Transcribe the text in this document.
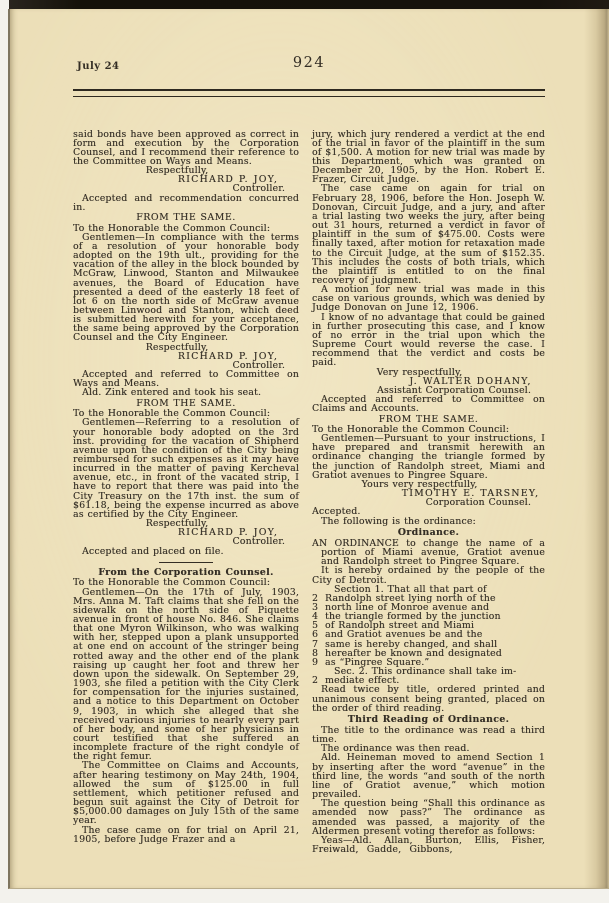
July 24	924

said bonds have been approved as correct in form and execution by the Corporation Counsel, and I recommend their reference to the Committee on Ways and Means.

Respectfully,
RICHARD P. JOY,
Controller.

Accepted and recommendation concurred in.

FROM THE SAME.

To the Honorable the Common Council:

Gentlemen—In compliance with the terms of a resolution of your honorable body adopted on the 19th ult., providing for the vacation of the alley in the block bounded by McGraw, Linwood, Stanton and Milwaukee avenues, the Board of Education have presented a deed of the easterly 18 feet of lot 6 on the north side of McGraw avenue between Linwood and Stanton, which deed is submitted herewith for your acceptance, the same being approved by the Corporation Counsel and the City Engineer.

Respectfully,
RICHARD P. JOY,
Controller.

Accepted and referred to Committee on Ways and Means.

Ald. Zink entered and took his seat.

FROM THE SAME.

To the Honorable the Common Council:

Gentlemen—Referring to a resolution of your honorable body adopted on the 3rd inst. providing for the vacation of Shipherd avenue upon the condition of the City being reimbursed for such expenses as it may have incurred in the matter of paving Kercheval avenue, etc., in front of the vacated strip, I have to report that there was paid into the City Treasury on the 17th inst. the sum of $61.18, being the expense incurred as above as certified by the City Engineer.

Respectfully,
RICHARD P. JOY,
Controller.

Accepted and placed on file.

From the Corporation Counsel.

To the Honorable the Common Council:

Gentlemen—On the 17th of July, 1903, Mrs. Anna M. Taft claims that she fell on the sidewalk on the north side of Piquette avenue in front of house No. 846. She claims that one Myron Wilkinson, who was walking with her, stepped upon a plank unsupported at one end on account of the stringer being rotted away and the other end of the plank raising up caught her foot and threw her down upon the sidewalk. On September 29, 1903, she filed a petition with the City Clerk for compensation for the injuries sustained, and a notice to this Department on October 9, 1903, in which she alleged that she received various injuries to nearly every part of her body, and some of her physicians in court testified that she suffered an incomplete fracture of the right condyle of the right femur.

The Committee on Claims and Accounts, after hearing testimony on May 24th, 1904, allowed the sum of $125.00 in full settlement, which petitioner refused and begun suit against the City of Detroit for $5,000.00 damages on July 15th of the same year.

The case came on for trial on April 21, 1905, before Judge Frazer and a

jury, which jury rendered a verdict at the end of the trial in favor of the plaintiff in the sum of $1,500. A motion for new trial was made by this Department, which was granted on December 20, 1905, by the Hon. Robert E. Frazer, Circuit Judge.

The case came on again for trial on February 28, 1906, before the Hon. Joseph W. Donovan, Circuit Judge, and a jury, and after a trial lasting two weeks the jury, after being out 31 hours, returned a verdict in favor of plaintiff in the sum of $475.00. Costs were finally taxed, after motion for retaxation made to the Circuit Judge, at the sum of $152.35. This includes the costs of both trials, which the plaintiff is entitled to on the final recovery of judgment.

A motion for new trial was made in this case on various grounds, which was denied by Judge Donovan on June 12, 1906.

I know of no advantage that could be gained in further prosecuting this case, and I know of no error in the trial upon which the Supreme Court would reverse the case. I recommend that the verdict and costs be paid.

Very respectfully,
J. WALTER DOHANY,
Assistant Corporation Counsel.

Accepted and referred to Committee on Claims and Accounts.

FROM THE SAME.

To the Honorable the Common Council:

Gentlemen—Pursuant to your instructions, I have prepared and transmit herewith an ordinance changing the triangle formed by the junction of Randolph street, Miami and Gratiot avenues to Pingree Square.

Yours very respectfully,
TIMOTHY E. TARSNEY,
Corporation Counsel.

Accepted.

The following is the ordinance:

Ordinance.

AN ORDINANCE to change the name of a portion of Miami avenue, Gratiot avenue and Randolph street to Pingree Square.

It is hereby ordained by the people of the City of Detroit.

Section 1. That all that part of
2 Randolph street lying north of the
3 north line of Monroe avenue and
4 the triangle formed by the junction
5 of Randolph street and Miami
6 and Gratiot avenues be and the
7 same is hereby changed, and shall
8 hereafter be known and designated
9 as “Pingree Square.”
Sec. 2. This ordinance shall take im-
2 mediate effect.

Read twice by title, ordered printed and unanimous consent being granted, placed on the order of third reading.

Third Reading of Ordinance.

The title to the ordinance was read a third time.

The ordinance was then read.

Ald. Heineman moved to amend Section 1 by inserting after the word “avenue” in the third line, the words “and south of the north line of Gratiot avenue,” which motion prevailed.

The question being “Shall this ordinance as amended now pass?” The ordinance as amended was passed, a majority of the Aldermen present voting therefor as follows:

Yeas—Ald. Allan, Burton, Ellis, Fisher, Freiwald, Gadde, Gibbons,
